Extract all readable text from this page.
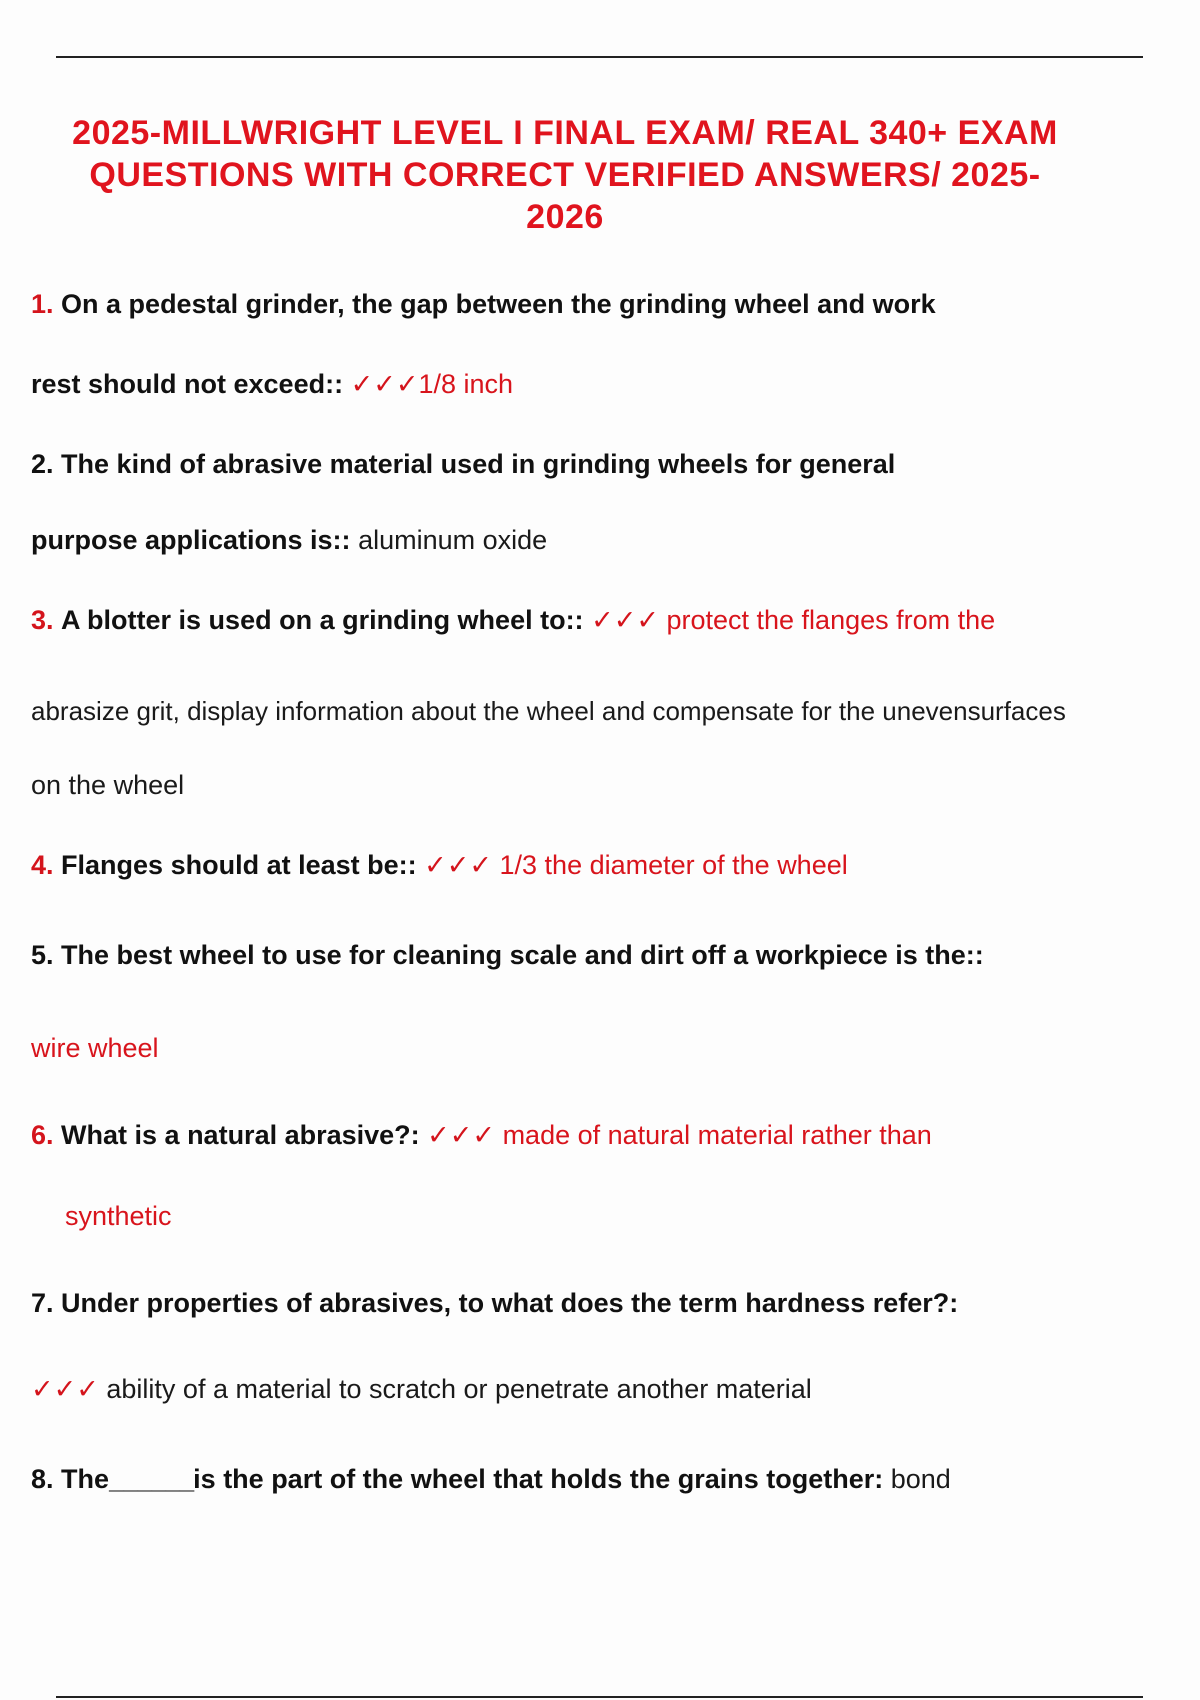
2025-MILLWRIGHT LEVEL I FINAL EXAM/ REAL 340+ EXAM
QUESTIONS WITH CORRECT VERIFIED ANSWERS/ 2025-
2026
1. On a pedestal grinder, the gap between the grinding wheel and work
rest should not exceed:: ✓✓✓1/8 inch
2. The kind of abrasive material used in grinding wheels for general
purpose applications is:: aluminum oxide
3. A blotter is used on a grinding wheel to:: ✓✓✓ protect the flanges from the
abrasize grit, display information about the wheel and compensate for the unevensurfaces
on the wheel
4. Flanges should at least be:: ✓✓✓ 1/3 the diameter of the wheel
5. The best wheel to use for cleaning scale and dirt off a workpiece is the::
wire wheel
6. What is a natural abrasive?: ✓✓✓ made of natural material rather than
synthetic
7. Under properties of abrasives, to what does the term hardness refer?:
✓✓✓ ability of a material to scratch or penetrate another material
8. The______is the part of the wheel that holds the grains together: bond
